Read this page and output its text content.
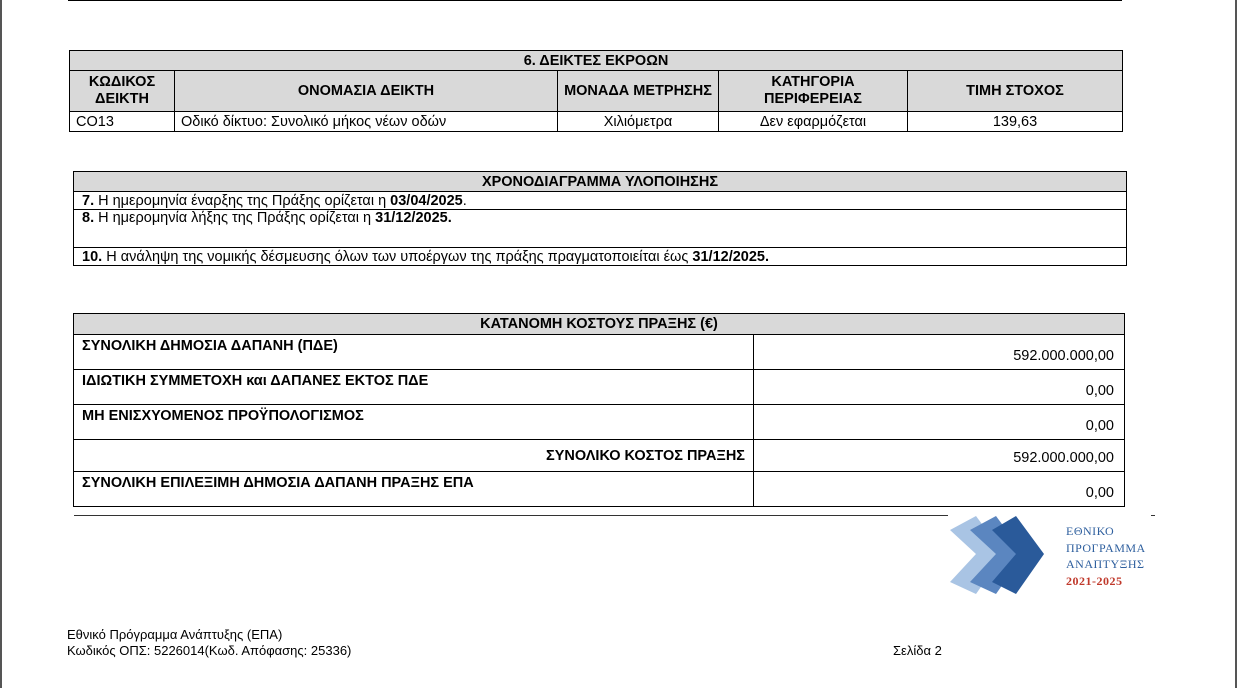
6. ΔΕΙΚΤΕΣ ΕΚΡΟΩΝ				
ΚΩΔΙΚΟΣ ΔΕΙΚΤΗ	ΟΝΟΜΑΣΙΑ ΔΕΙΚΤΗ	ΜΟΝΑΔΑ ΜΕΤΡΗΣΗΣ	ΚΑΤΗΓΟΡΙΑ ΠΕΡΙΦΕΡΕΙΑΣ	ΤΙΜΗ ΣΤΟΧΟΣ
CO13	Οδικό δίκτυο: Συνολικό μήκος νέων οδών	Χιλιόμετρα	Δεν εφαρμόζεται	139,63
ΧΡΟΝΟΔΙΑΓΡΑΜΜΑ ΥΛΟΠΟΙΗΣΗΣ
7. Η ημερομηνία έναρξης της Πράξης ορίζεται η 03/04/2025.
8. Η ημερομηνία λήξης της Πράξης ορίζεται η 31/12/2025.
10. Η ανάληψη της νομικής δέσμευσης όλων των υποέργων της πράξης πραγματοποιείται έως 31/12/2025.
ΚΑΤΑΝΟΜΗ ΚΟΣΤΟΥΣ ΠΡΑΞΗΣ (€)	
ΣΥΝΟΛΙΚΗ ΔΗΜΟΣΙΑ ΔΑΠΑΝΗ (ΠΔΕ)	592.000.000,00
ΙΔΙΩΤΙΚΗ ΣΥΜΜΕΤΟΧΗ και ΔΑΠΑΝΕΣ ΕΚΤΟΣ ΠΔΕ	0,00
ΜΗ ΕΝΙΣΧΥΟΜΕΝΟΣ ΠΡΟΫΠΟΛΟΓΙΣΜΟΣ	0,00
ΣΥΝΟΛΙΚΟ ΚΟΣΤΟΣ ΠΡΑΞΗΣ	592.000.000,00
ΣΥΝΟΛΙΚΗ ΕΠΙΛΕΞΙΜΗ ΔΗΜΟΣΙΑ ΔΑΠΑΝΗ ΠΡΑΞΗΣ ΕΠΑ	0,00
ΕΘΝΙΚΟ
ΠΡΟΓΡΑΜΜΑ
ΑΝΑΠΤΥΞΗΣ
2021-2025
Εθνικό Πρόγραμμα Ανάπτυξης (ΕΠΑ)
Κωδικός ΟΠΣ: 5226014(Κωδ. Απόφασης: 25336)	Σελίδα 2
